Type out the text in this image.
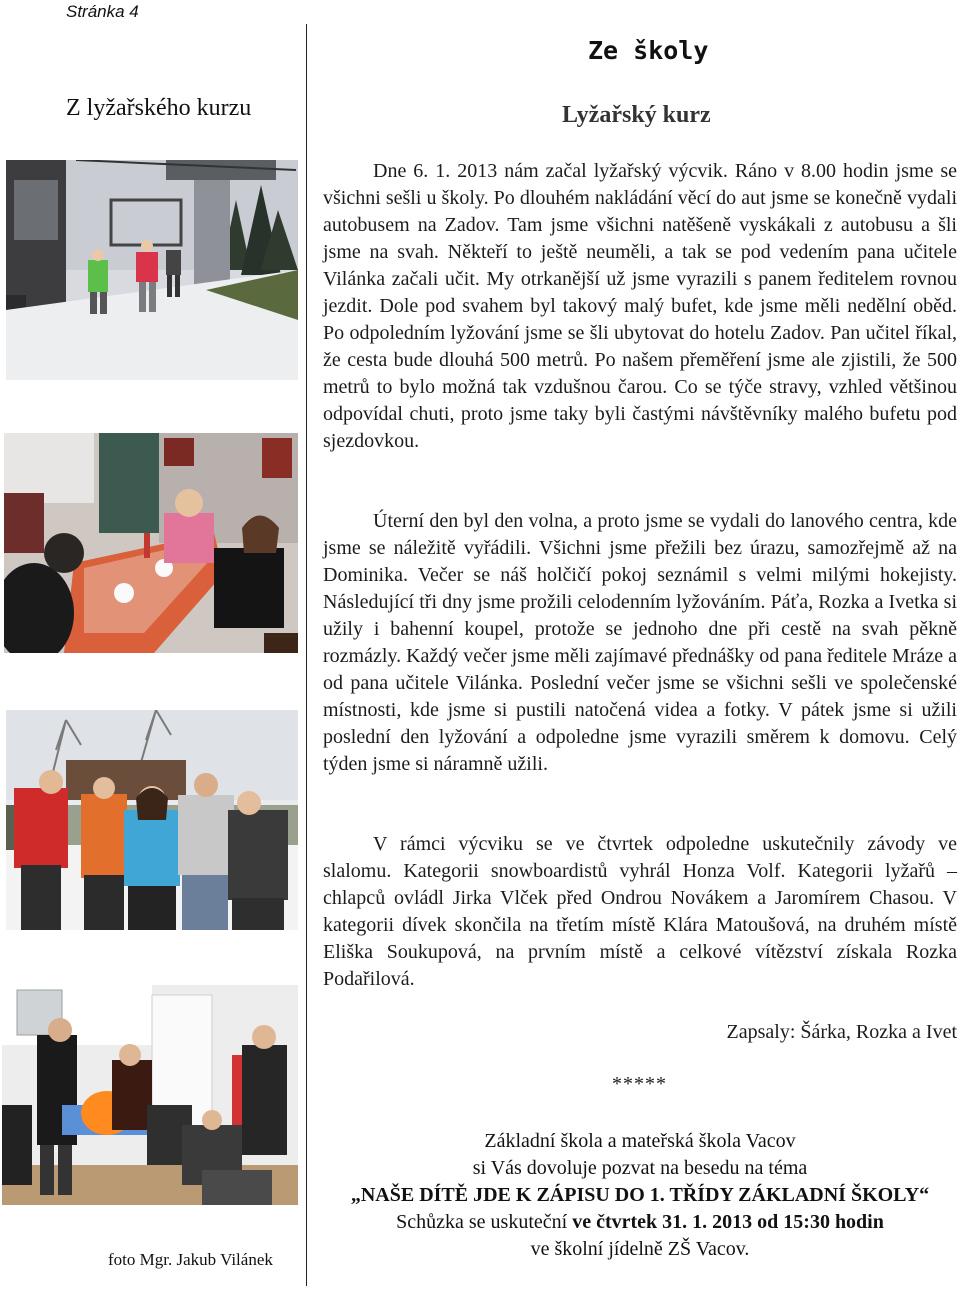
Stránka 4
Z lyžařského kurzu
Ze školy
Lyžařský kurz
Dne 6. 1. 2013 nám začal lyžařský výcvik. Ráno v 8.00 hodin jsme se všichni sešli u školy. Po dlouhém nakládání věcí do aut jsme se konečně vydali autobusem na Zadov. Tam jsme všichni natěšeně vyskákali z autobusu a šli jsme na svah. Někteří to ještě neuměli, a tak se pod vedením pana učitele Vilánka začali učit. My otrkanější už jsme vyrazili s panem ředitelem rovnou jezdit. Dole pod svahem byl takový malý bufet, kde jsme měli nedělní oběd. Po odpoledním lyžování jsme se šli ubytovat do hotelu Zadov. Pan učitel říkal, že cesta bude dlouhá 500 metrů. Po našem přeměření jsme ale zjistili, že 500 metrů to bylo možná tak vzdušnou čarou. Co se týče stravy, vzhled většinou odpovídal chuti, proto jsme taky byli častými návštěvníky malého bufetu pod sjezdovkou.
Úterní den byl den volna, a proto jsme se vydali do lanového centra, kde jsme se náležitě vyřádili. Všichni jsme přežili bez úrazu, samozřejmě až na Dominika. Večer se náš holčičí pokoj seznámil s velmi milými hokejisty. Následující tři dny jsme prožili celodenním lyžováním. Páťa, Rozka a Ivetka si užily i bahenní koupel, protože se jednoho dne při cestě na svah pěkně rozmázly. Každý večer jsme měli zajímavé přednášky od pana ředitele Mráze a od pana učitele Vilánka. Poslední večer jsme se všichni sešli ve společenské místnosti, kde jsme si pustili natočená videa a fotky. V pátek jsme si užili poslední den lyžování a odpoledne jsme vyrazili směrem k domovu. Celý týden jsme si náramně užili.
V rámci výcviku se ve čtvrtek odpoledne uskutečnily závody ve slalomu. Kategorii snowboardistů vyhrál Honza Volf. Kategorii lyžařů – chlapců ovládl Jirka Vlček před Ondrou Novákem a Jaromírem Chasou. V kategorii dívek skončila na třetím místě Klára Matoušová, na druhém místě Eliška Soukupová, na prvním místě a celkové vítězství získala Rozka Podařilová.
Zapsaly: Šárka, Rozka a Ivet
*****
Základní škola a mateřská škola Vacov
si Vás dovoluje pozvat na besedu na téma
„NAŠE DÍTĚ JDE K ZÁPISU DO 1. TŘÍDY ZÁKLADNÍ ŠKOLY“
Schůzka se uskuteční ve čtvrtek 31. 1. 2013 od 15:30 hodin
ve školní jídelně ZŠ Vacov.
foto Mgr. Jakub Vilánek
